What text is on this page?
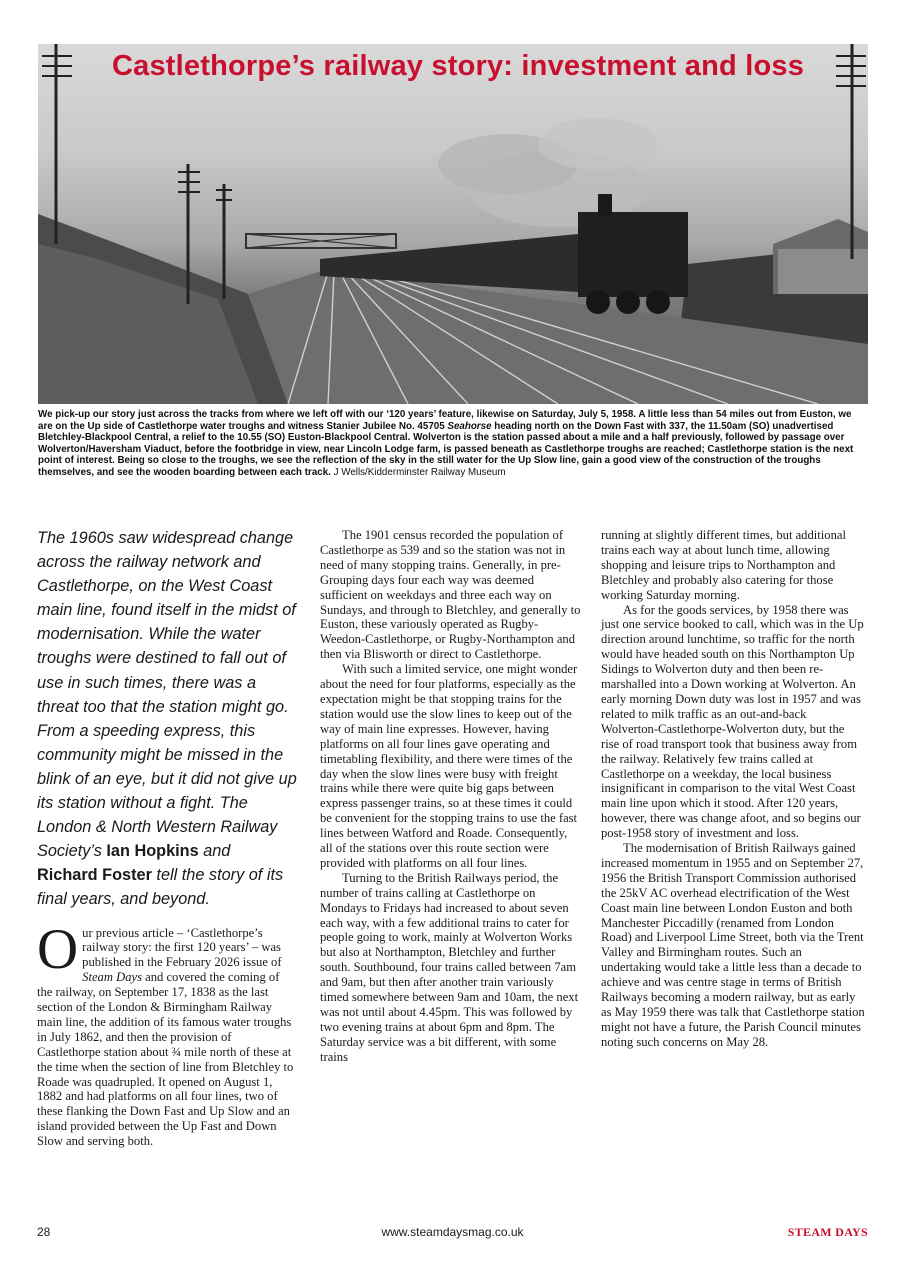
Castlethorpe’s railway story: investment and loss
We pick-up our story just across the tracks from where we left off with our ‘120 years’ feature, likewise on Saturday, July 5, 1958. A little less than 54 miles out from Euston, we are on the Up side of Castlethorpe water troughs and witness Stanier Jubilee No. 45705 Seahorse heading north on the Down Fast with 337, the 11.50am (SO) unadvertised Bletchley-Blackpool Central, a relief to the 10.55 (SO) Euston-Blackpool Central. Wolverton is the station passed about a mile and a half previously, followed by passage over Wolverton/Haversham Viaduct, before the footbridge in view, near Lincoln Lodge farm, is passed beneath as Castlethorpe troughs are reached; Castlethorpe station is the next point of interest. Being so close to the troughs, we see the reflection of the sky in the still water for the Up Slow line, gain a good view of the construction of the troughs themselves, and see the wooden boarding between each track. J Wells/Kidderminster Railway Museum
The 1960s saw widespread change across the railway network and Castlethorpe, on the West Coast main line, found itself in the midst of modernisation. While the water troughs were destined to fall out of use in such times, there was a threat too that the station might go. From a speeding express, this community might be missed in the blink of an eye, but it did not give up its station without a fight. The London & North Western Railway Society’s Ian Hopkins and
Richard Foster tell the story of its final years, and beyond.

Our previous article – ‘Castlethorpe’s railway story: the first 120 years’ – was published in the February 2026 issue of Steam Days and covered the coming of the railway, on September 17, 1838 as the last section of the London & Birmingham Railway main line, the addition of its famous water troughs in July 1862, and then the provision of Castlethorpe station about ¾ mile north of these at the time when the section of line from Bletchley to Roade was quadrupled. It opened on August 1, 1882 and had platforms on all four lines, two of these flanking the Down Fast and Up Slow and an island provided between the Up Fast and Down Slow and serving both.

The 1901 census recorded the population of Castlethorpe as 539 and so the station was not in need of many stopping trains. Generally, in pre-Grouping days four each way was deemed sufficient on weekdays and three each way on Sundays, and through to Bletchley, and generally to Euston, these variously operated as Rugby-Weedon-Castlethorpe, or Rugby-Northampton and then via Blisworth or direct to Castlethorpe.

With such a limited service, one might wonder about the need for four platforms, especially as the expectation might be that stopping trains for the station would use the slow lines to keep out of the way of main line expresses. However, having platforms on all four lines gave operating and timetabling flexibility, and there were times of the day when the slow lines were busy with freight trains while there were quite big gaps between express passenger trains, so at these times it could be convenient for the stopping trains to use the fast lines between Watford and Roade. Consequently, all of the stations over this route section were provided with platforms on all four lines.

Turning to the British Railways period, the number of trains calling at Castlethorpe on Mondays to Fridays had increased to about seven each way, with a few additional trains to cater for people going to work, mainly at Wolverton Works but also at Northampton, Bletchley and further south. Southbound, four trains called between 7am and 9am, but then after another train variously timed somewhere between 9am and 10am, the next was not until about 4.45pm. This was followed by two evening trains at about 6pm and 8pm. The Saturday service was a bit different, with some trains

running at slightly different times, but additional trains each way at about lunch time, allowing shopping and leisure trips to Northampton and Bletchley and probably also catering for those working Saturday morning.

As for the goods services, by 1958 there was just one service booked to call, which was in the Up direction around lunchtime, so traffic for the north would have headed south on this Northampton Up Sidings to Wolverton duty and then been re-marshalled into a Down working at Wolverton. An early morning Down duty was lost in 1957 and was related to milk traffic as an out-and-back Wolverton-Castlethorpe-Wolverton duty, but the rise of road transport took that business away from the railway. Relatively few trains called at Castlethorpe on a weekday, the local business insignificant in comparison to the vital West Coast main line upon which it stood. After 120 years, however, there was change afoot, and so begins our post-1958 story of investment and loss.

The modernisation of British Railways gained increased momentum in 1955 and on September 27, 1956 the British Transport Commission authorised the 25kV AC overhead electrification of the West Coast main line between London Euston and both Manchester Piccadilly (renamed from London Road) and Liverpool Lime Street, both via the Trent Valley and Birmingham routes. Such an undertaking would take a little less than a decade to achieve and was centre stage in terms of British Railways becoming a modern railway, but as early as May 1959 there was talk that Castlethorpe station might not have a future, the Parish Council minutes noting such concerns on May 28.

28	www.steamdaysmag.co.uk	STEAM DAYS
